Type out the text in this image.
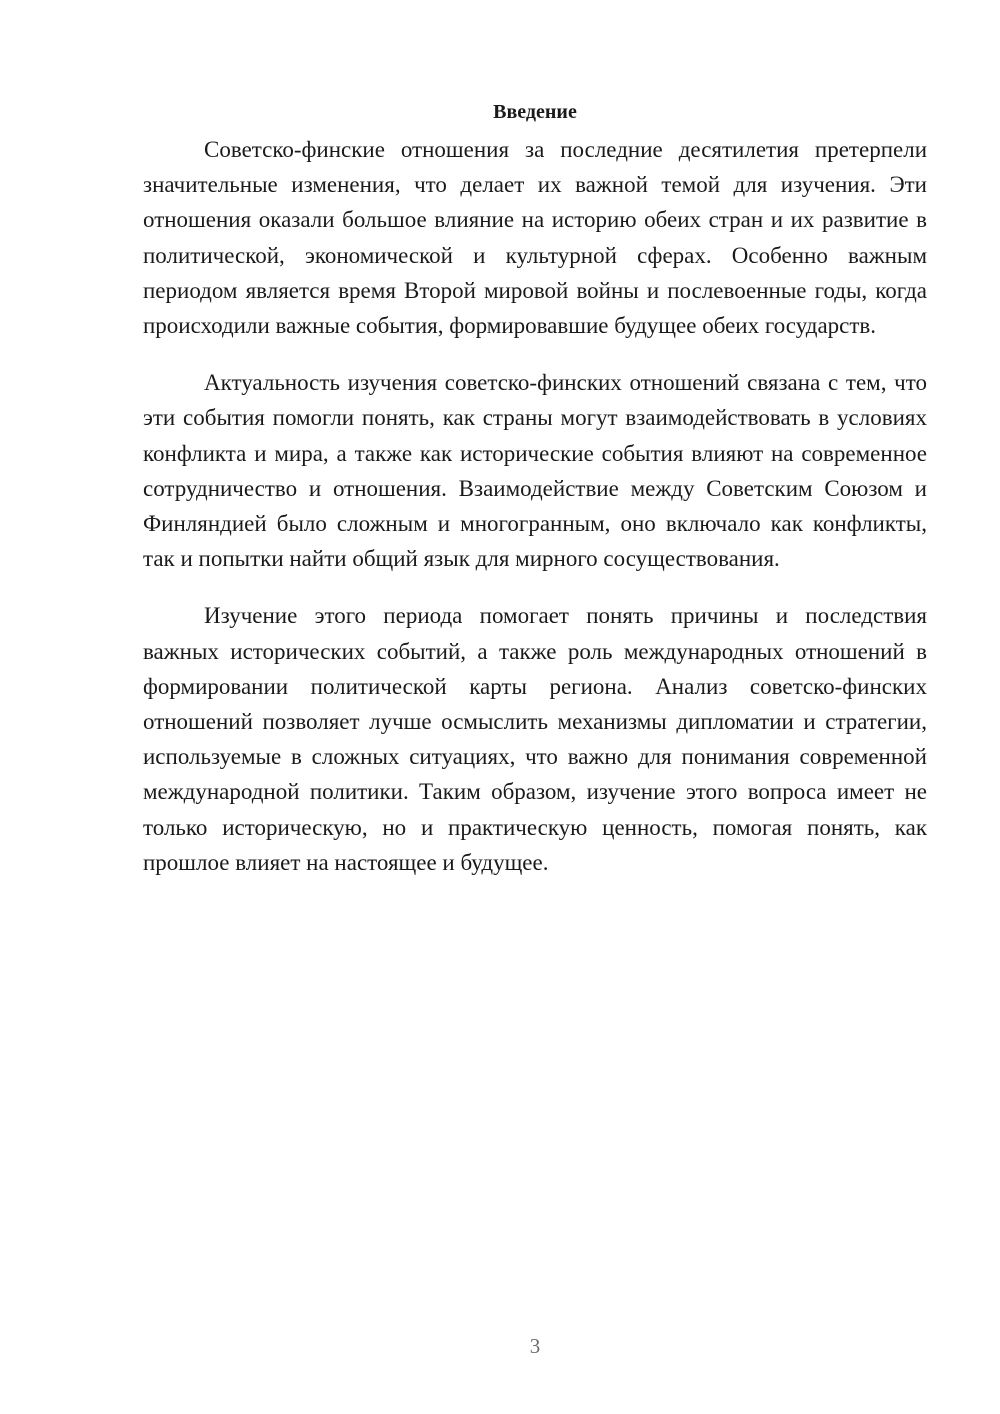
Введение

Советско-финские отношения за последние десятилетия претерпели значительные изменения, что делает их важной темой для изучения. Эти отношения оказали большое влияние на историю обеих стран и их развитие в политической, экономической и культурной сферах. Особенно важным периодом является время Второй мировой войны и послевоенные годы, когда происходили важные события, формировавшие будущее обеих государств.

Актуальность изучения советско-финских отношений связана с тем, что эти события помогли понять, как страны могут взаимодействовать в условиях конфликта и мира, а также как исторические события влияют на современное сотрудничество и отношения. Взаимодействие между Советским Союзом и Финляндией было сложным и многогранным, оно включало как конфликты, так и попытки найти общий язык для мирного сосуществования.

Изучение этого периода помогает понять причины и последствия важных исторических событий, а также роль международных отношений в формировании политической карты региона. Анализ советско-финских отношений позволяет лучше осмыслить механизмы дипломатии и стратегии, используемые в сложных ситуациях, что важно для понимания современной международной политики. Таким образом, изучение этого вопроса имеет не только историческую, но и практическую ценность, помогая понять, как прошлое влияет на настоящее и будущее.

3
